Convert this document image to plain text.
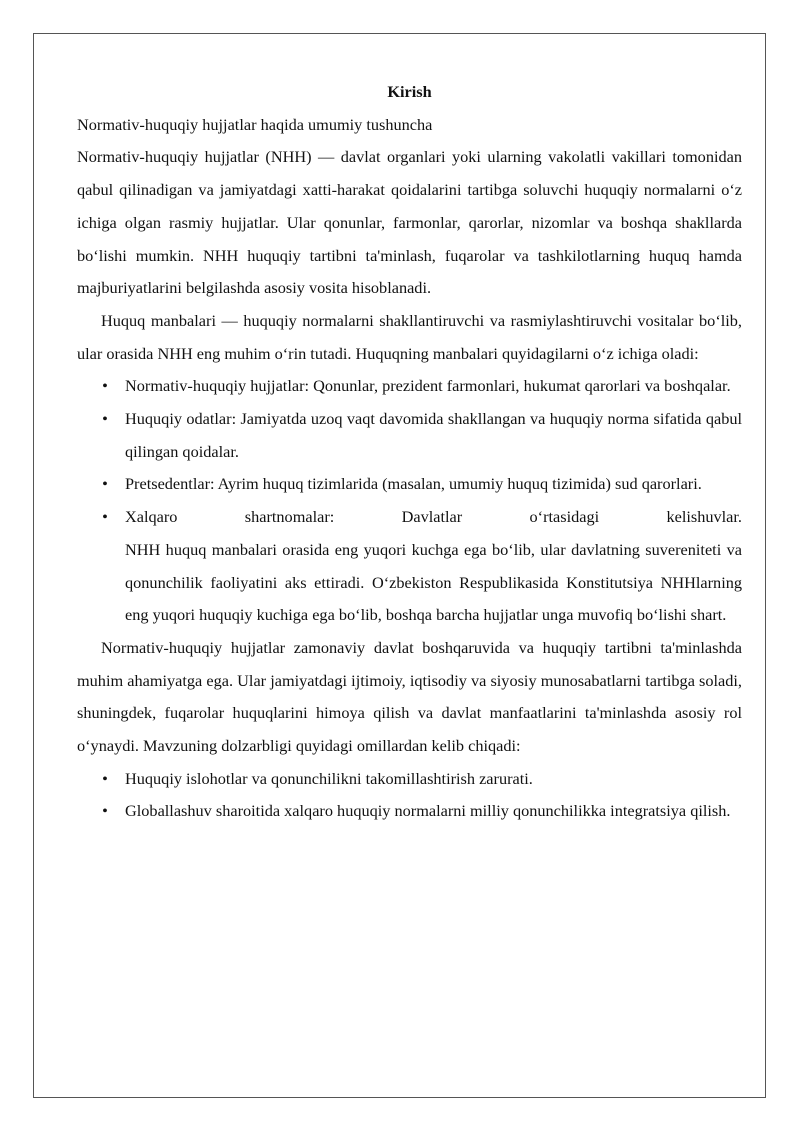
Kirish

Normativ-huquqiy hujjatlar haqida umumiy tushuncha

Normativ-huquqiy hujjatlar (NHH) — davlat organlari yoki ularning vakolatli vakillari tomonidan qabul qilinadigan va jamiyatdagi xatti-harakat qoidalarini tartibga soluvchi huquqiy normalarni o‘z ichiga olgan rasmiy hujjatlar. Ular qonunlar, farmonlar, qarorlar, nizomlar va boshqa shakllarda bo‘lishi mumkin. NHH huquqiy tartibni ta'minlash, fuqarolar va tashkilotlarning huquq hamda majburiyatlarini belgilashda asosiy vosita hisoblanadi.

Huquq manbalari — huquqiy normalarni shakllantiruvchi va rasmiylashtiruvchi vositalar bo‘lib, ular orasida NHH eng muhim o‘rin tutadi. Huquqning manbalari quyidagilarni o‘z ichiga oladi:

• Normativ-huquqiy hujjatlar: Qonunlar, prezident farmonlari, hukumat qarorlari va boshqalar.
• Huquqiy odatlar: Jamiyatda uzoq vaqt davomida shakllangan va huquqiy norma sifatida qabul qilingan qoidalar.
• Pretsedentlar: Ayrim huquq tizimlarida (masalan, umumiy huquq tizimida) sud qarorlari.
• Xalqaro shartnomalar: Davlatlar o‘rtasidagi kelishuvlar.
NHH huquq manbalari orasida eng yuqori kuchga ega bo‘lib, ular davlatning suvereniteti va qonunchilik faoliyatini aks ettiradi. O‘zbekiston Respublikasida Konstitutsiya NHHlarning eng yuqori huquqiy kuchiga ega bo‘lib, boshqa barcha hujjatlar unga muvofiq bo‘lishi shart.

Normativ-huquqiy hujjatlar zamonaviy davlat boshqaruvida va huquqiy tartibni ta'minlashda muhim ahamiyatga ega. Ular jamiyatdagi ijtimoiy, iqtisodiy va siyosiy munosabatlarni tartibga soladi, shuningdek, fuqarolar huquqlarini himoya qilish va davlat manfaatlarini ta'minlashda asosiy rol o‘ynaydi. Mavzuning dolzarbligi quyidagi omillardan kelib chiqadi:

• Huquqiy islohotlar va qonunchilikni takomillashtirish zarurati.
• Globallashuv sharoitida xalqaro huquqiy normalarni milliy qonunchilikka integratsiya qilish.
